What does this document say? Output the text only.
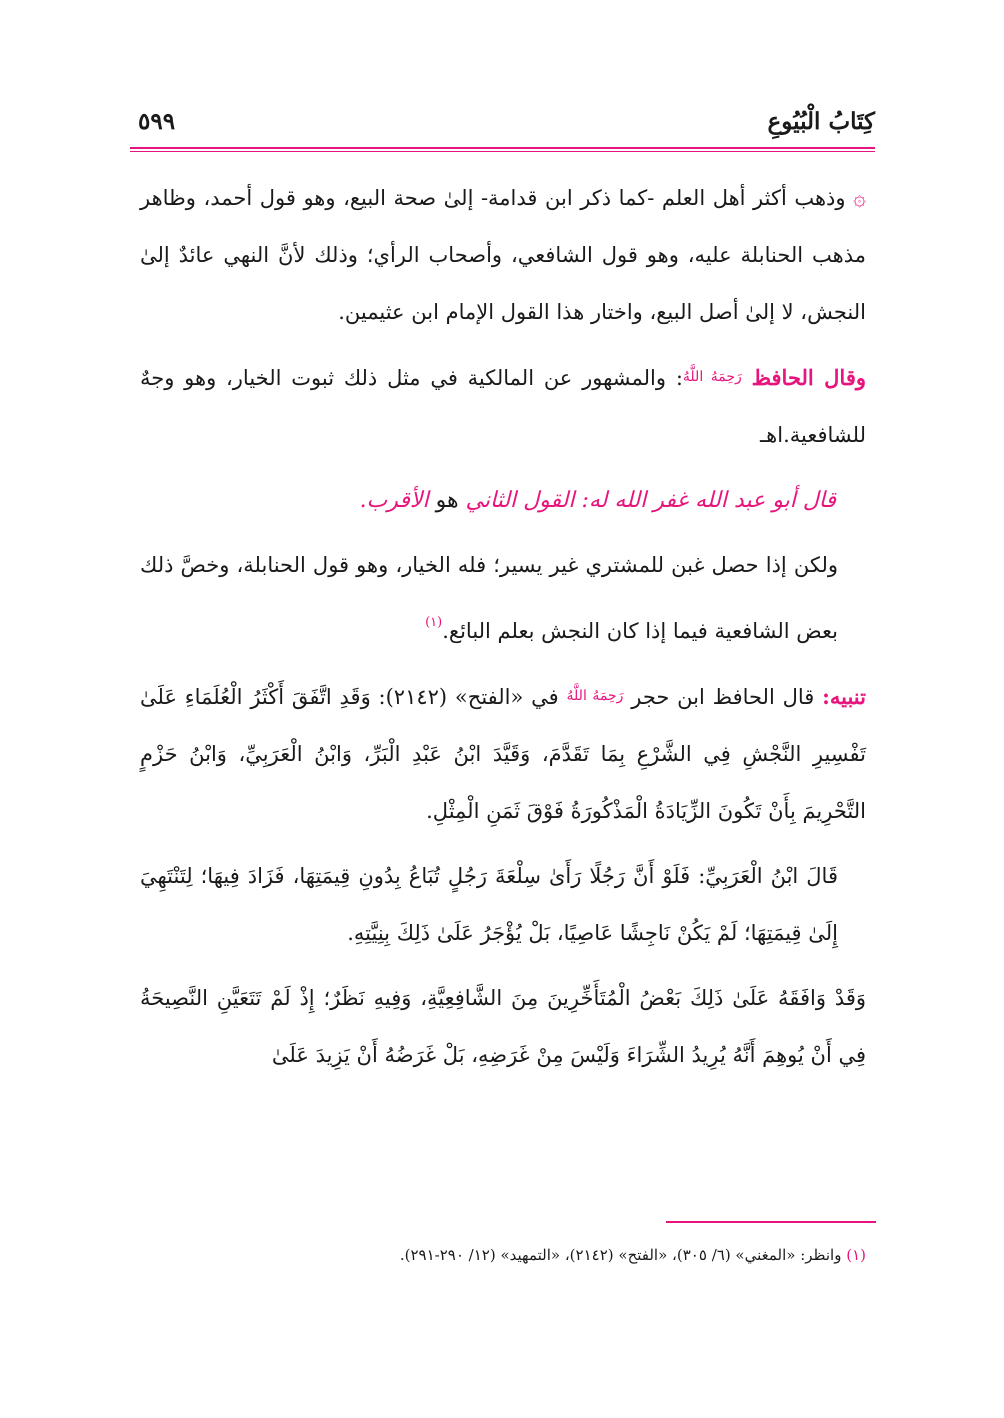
كِتَابُ الْبُيُوعِ
٥٩٩

۞ وذهب أكثر أهل العلم -كما ذكر ابن قدامة- إلىٰ صحة البيع، وهو قول أحمد، وظاهر مذهب الحنابلة عليه، وهو قول الشافعي، وأصحاب الرأي؛ وذلك لأنَّ النهي عائدٌ إلىٰ النجش، لا إلىٰ أصل البيع، واختار هذا القول الإمام ابن عثيمين.

وقال الحافظ رَحِمَهُ اللَّهُ: والمشهور عن المالكية في مثل ذلك ثبوت الخيار، وهو وجهٌ للشافعية.اهـ

قال أبو عبد الله غفر الله له: القول الثاني هو الأقرب.

ولكن إذا حصل غبن للمشتري غير يسير؛ فله الخيار، وهو قول الحنابلة، وخصَّ ذلك بعض الشافعية فيما إذا كان النجش بعلم البائع.$^{(١)}$

تنبيه: قال الحافظ ابن حجر رَحِمَهُ اللَّهُ في «الفتح» (٢١٤٢): وَقَدِ اتَّفَقَ أَكْثَرُ الْعُلَمَاءِ عَلَىٰ تَفْسِيرِ النَّجْشِ فِي الشَّرْعِ بِمَا تَقَدَّمَ، وَقَيَّدَ ابْنُ عَبْدِ الْبَرِّ، وَابْنُ الْعَرَبِيِّ، وَابْنُ حَزْمٍ التَّحْرِيمَ بِأَنْ تَكُونَ الزِّيَادَةُ الْمَذْكُورَةُ فَوْقَ ثَمَنِ الْمِثْلِ.

قَالَ ابْنُ الْعَرَبِيِّ: فَلَوْ أَنَّ رَجُلًا رَأَىٰ سِلْعَةَ رَجُلٍ تُبَاعُ بِدُونِ قِيمَتِهَا، فَزَادَ فِيهَا؛ لِتَنْتَهِيَ إِلَىٰ قِيمَتِهَا؛ لَمْ يَكُنْ نَاجِشًا عَاصِيًا، بَلْ يُؤْجَرُ عَلَىٰ ذَلِكَ بِنِيَّتِهِ.

وَقَدْ وَافَقَهُ عَلَىٰ ذَلِكَ بَعْضُ الْمُتَأَخِّرِينَ مِنَ الشَّافِعِيَّةِ، وَفِيهِ نَظَرٌ؛ إِذْ لَمْ تَتَعَيَّنِ النَّصِيحَةُ فِي أَنْ يُوهِمَ أَنَّهُ يُرِيدُ الشِّرَاءَ وَلَيْسَ مِنْ غَرَضِهِ، بَلْ غَرَضُهُ أَنْ يَزِيدَ عَلَىٰ

(١) وانظر: «المغني» (٦/ ٣٠٥)، «الفتح» (٢١٤٢)، «التمهيد» (١٢/ ٢٩٠-٢٩١).
